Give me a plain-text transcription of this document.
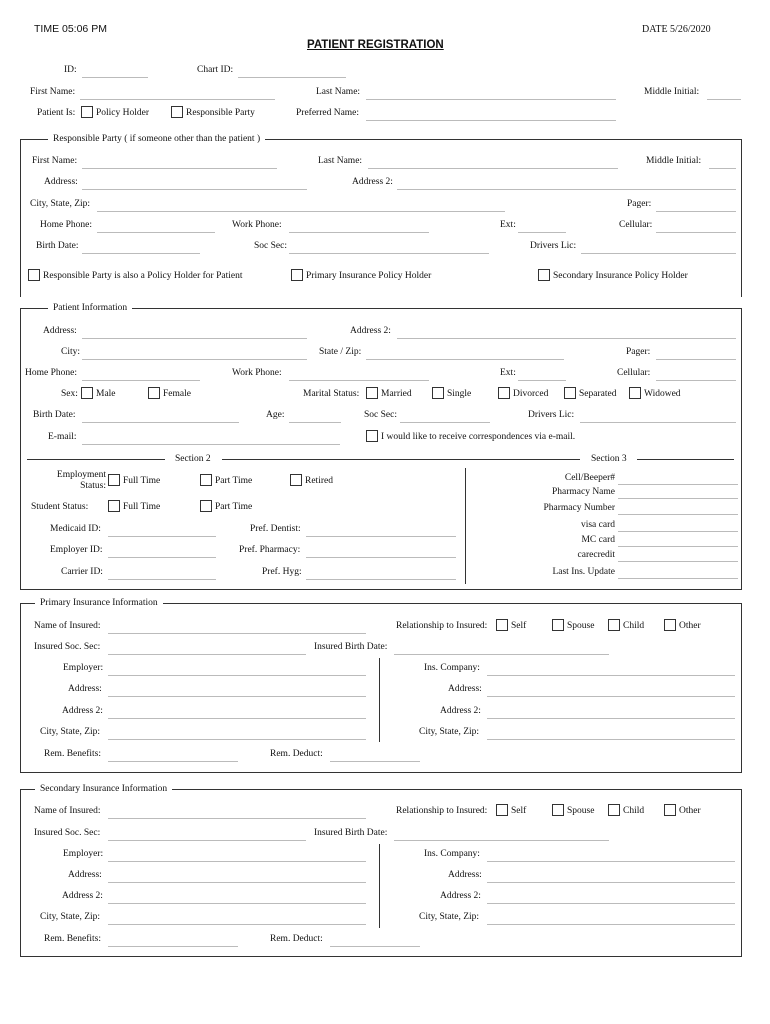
TIME 05:06 PM	DATE 5/26/2020
PATIENT REGISTRATION
ID:	Chart ID:
First Name:	Last Name:	Middle Initial:
Patient Is: Policy Holder	Responsible Party	Preferred Name:
Responsible Party ( if someone other than the patient )
First Name:	Last Name:	Middle Initial:
Address:	Address 2:
City, State, Zip:	Pager:
Home Phone:	Work Phone:	Ext:	Cellular:
Birth Date:	Soc Sec:	Drivers Lic:
Responsible Party is also a Policy Holder for Patient	Primary Insurance Policy Holder	Secondary Insurance Policy Holder
Patient Information
Address:	Address 2:
City:	State / Zip:	Pager:
Home Phone:	Work Phone:	Ext:	Cellular:
Sex: Male	Female	Marital Status: Married	Single	Divorced	Separated	Widowed
Birth Date:	Age:	Soc Sec:	Drivers Lic:
E-mail:	I would like to receive correspondences via e-mail.
Section 2	Section 3
Employment
Status: Full Time	Part Time	Retired
Student Status:	Full Time	Part Time
Medicaid ID:	Pref. Dentist:
Employer ID:	Pref. Pharmacy:
Carrier ID:	Pref. Hyg:
Cell/Beeper#
Pharmacy Name
Pharmacy Number
visa card
MC card
carecredit
Last Ins. Update
Primary Insurance Information
Name of Insured:	Relationship to Insured: Self	Spouse	Child	Other
Insured Soc. Sec:	Insured Birth Date:
Employer:	Ins. Company:
Address:	Address:
Address 2:	Address 2:
City, State, Zip:	City, State, Zip:
Rem. Benefits:	Rem. Deduct:
Secondary Insurance Information
Name of Insured:	Relationship to Insured: Self	Spouse	Child	Other
Insured Soc. Sec:	Insured Birth Date:
Employer:	Ins. Company:
Address:	Address:
Address 2:	Address 2:
City, State, Zip:	City, State, Zip:
Rem. Benefits:	Rem. Deduct:
